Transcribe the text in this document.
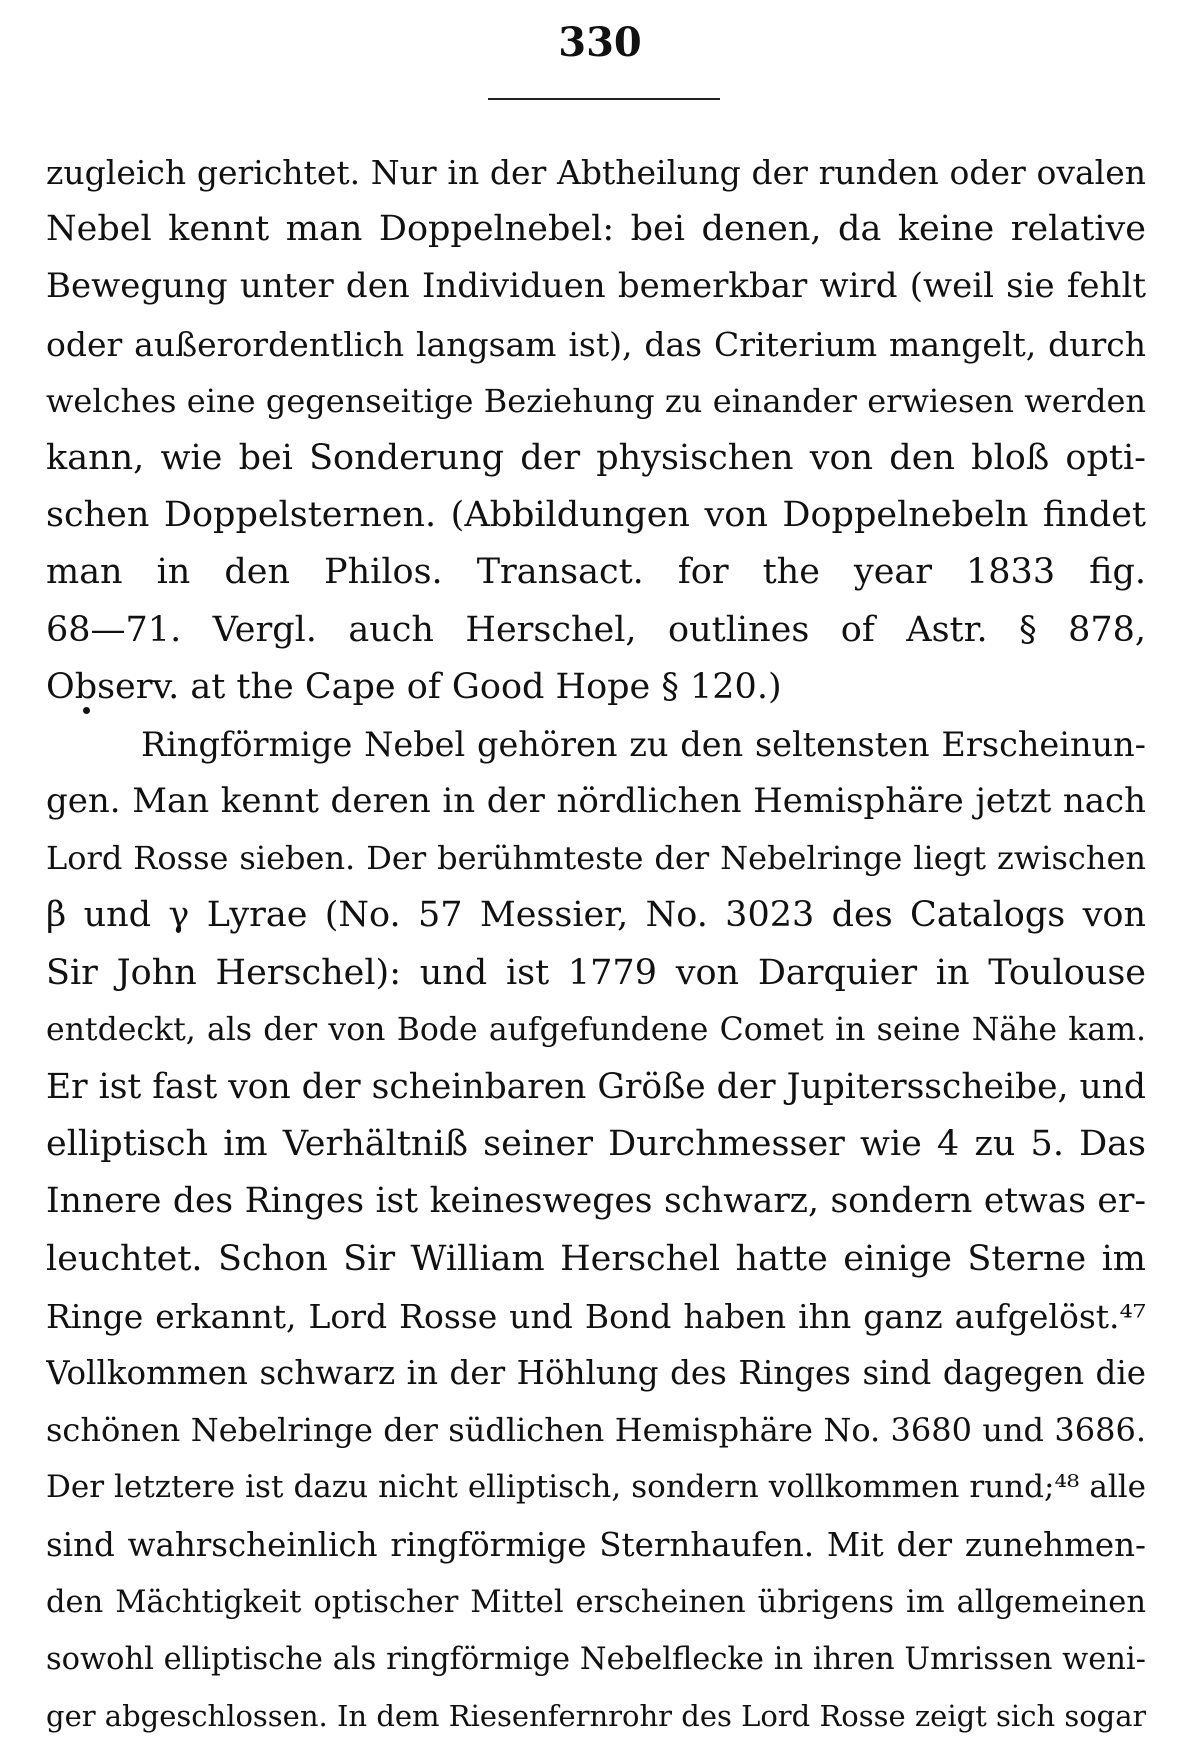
330
zugleich gerichtet. Nur in der Abtheilung der runden oder ovalen
Nebel kennt man Doppelnebel: bei denen, da keine relative
Bewegung unter den Individuen bemerkbar wird (weil sie fehlt
oder außerordentlich langsam ist), das Criterium mangelt, durch
welches eine gegenseitige Beziehung zu einander erwiesen werden
kann, wie bei Sonderung der physischen von den bloß opti-
schen Doppelsternen. (Abbildungen von Doppelnebeln findet
man in den Philos. Transact. for the year 1833 fig.
68—71. Vergl. auch Herschel, outlines of Astr. § 878,
Observ. at the Cape of Good Hope § 120.)
Ringförmige Nebel gehören zu den seltensten Erscheinun-
gen. Man kennt deren in der nördlichen Hemisphäre jetzt nach
Lord Rosse sieben. Der berühmteste der Nebelringe liegt zwischen
β und γ Lyrae (No. 57 Messier, No. 3023 des Catalogs von
Sir John Herschel): und ist 1779 von Darquier in Toulouse
entdeckt, als der von Bode aufgefundene Comet in seine Nähe kam.
Er ist fast von der scheinbaren Größe der Jupitersscheibe, und
elliptisch im Verhältniß seiner Durchmesser wie 4 zu 5. Das
Innere des Ringes ist keinesweges schwarz, sondern etwas er-
leuchtet. Schon Sir William Herschel hatte einige Sterne im
Ringe erkannt, Lord Rosse und Bond haben ihn ganz aufgelöst.⁴⁷
Vollkommen schwarz in der Höhlung des Ringes sind dagegen die
schönen Nebelringe der südlichen Hemisphäre No. 3680 und 3686.
Der letztere ist dazu nicht elliptisch, sondern vollkommen rund;⁴⁸ alle
sind wahrscheinlich ringförmige Sternhaufen. Mit der zunehmen-
den Mächtigkeit optischer Mittel erscheinen übrigens im allgemeinen
sowohl elliptische als ringförmige Nebelflecke in ihren Umrissen weni-
ger abgeschlossen. In dem Riesenfernrohr des Lord Rosse zeigt sich sogar
